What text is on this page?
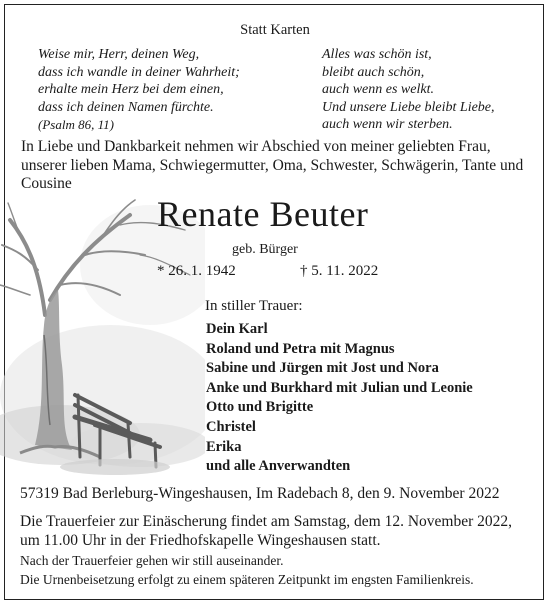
Statt Karten
Weise mir, Herr, deinen Weg,
dass ich wandle in deiner Wahrheit;
erhalte mein Herz bei dem einen,
dass ich deinen Namen fürchte.
(Psalm 86, 11)
Alles was schön ist,
bleibt auch schön,
auch wenn es welkt.
Und unsere Liebe bleibt Liebe,
auch wenn wir sterben.
In Liebe und Dankbarkeit nehmen wir Abschied von meiner geliebten Frau, unserer lieben Mama, Schwiegermutter, Oma, Schwester, Schwägerin, Tante und Cousine
Renate Beuter
geb. Bürger
* 26. 1. 1942	† 5. 11. 2022
In stiller Trauer:
Dein Karl
Roland und Petra mit Magnus
Sabine und Jürgen mit Jost und Nora
Anke und Burkhard mit Julian und Leonie
Otto und Brigitte
Christel
Erika
und alle Anverwandten
57319 Bad Berleburg-Wingeshausen, Im Radebach 8, den 9. November 2022
Die Trauerfeier zur Einäscherung findet am Samstag, dem 12. November 2022,
um 11.00 Uhr in der Friedhofskapelle Wingeshausen statt.
Nach der Trauerfeier gehen wir still auseinander.
Die Urnenbeisetzung erfolgt zu einem späteren Zeitpunkt im engsten Familienkreis.
